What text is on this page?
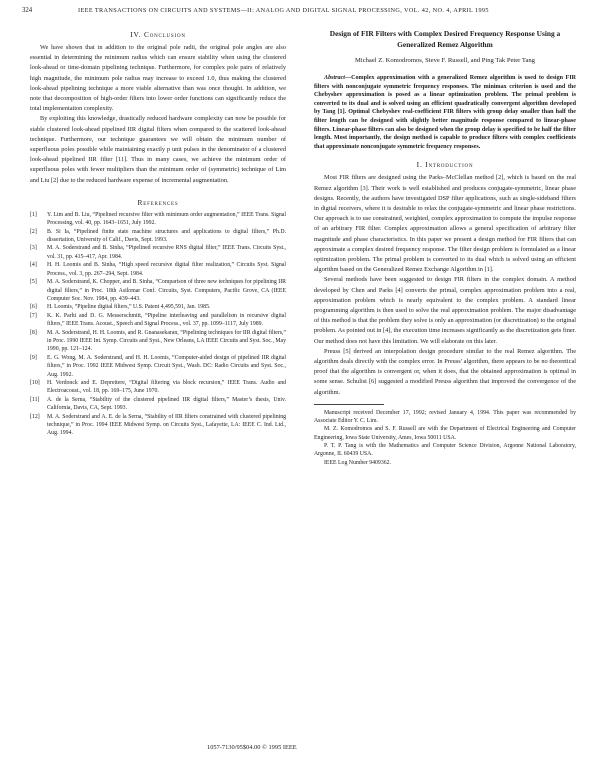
324	IEEE TRANSACTIONS ON CIRCUITS AND SYSTEMS—II: ANALOG AND DIGITAL SIGNAL PROCESSING, VOL. 42, NO. 4, APRIL 1995
IV. Conclusion

We have shown that in addition to the original pole radii, the original pole angles are also essential in determining the minimum radius which can ensure stability when using the clustered look-ahead or time-domain pipelining technique. Furthermore, for complex pole pairs of relatively high magnitude, the minimum pole radius may increase to exceed 1.0, thus making the clustered look-ahead pipelining technique a more viable alternative than was once thought. In addition, we note that decomposition of high-order filters into lower order functions can significantly reduce the total implementation complexity.

By exploiting this knowledge, drastically reduced hardware complexity can now be possible for stable clustered look-ahead pipelined IIR digital filters when compared to the scattered look-ahead technique. Furthermore, our technique guarantees we will obtain the minimum number of superfluous poles possible while maintaining exactly p unit pulses in the denominator of a clustered look-ahead pipelined IIR filter [11]. Thus in many cases, we achieve the minimum order of superfluous poles with fewer multipliers than the minimum order of (symmetric) technique of Lim and Liu [2] due to the reduced hardware expense of incremental augmentation.

References
[1]	Y. Lim and B. Liu, “Pipelined recursive filter with minimum order augmentation,” IEEE Trans. Signal Processing, vol. 40, pp. 1643–1651, July 1992.
[2]	B. Si Ia, “Pipelined finite state machine structures and applications to digital filters,” Ph.D. dissertation, University of Calif., Davis, Sept. 1993.
[3]	M. A. Soderstrand and B. Sinha, “Pipelined recursive RNS digital filter,” IEEE Trans. Circuits Syst., vol. 31, pp. 415–417, Apr. 1984.
[4]	H. H. Loomis and B. Sinha, “High speed recursive digital filter realization,” Circuits Syst. Signal Process., vol. 3, pp. 267–294, Sept. 1984.
[5]	M. A. Soderstrand, K. Chopper, and B. Sinha, “Comparison of three new techniques for pipelining IIR digital filters,” in Proc. 18th Asilomar Conf. Circuits, Syst. Computers, Pacific Grove, CA (IEEE Computer Soc. Nov. 1984, pp. 439–443.
[6]	H. Loomis, “Pipeline digital filters,” U.S. Patent 4,495,591, Jan. 1985.
[7]	K. K. Parhi and D. G. Messerschmitt, “Pipeline interleaving and parallelism in recursive digital filters,” IEEE Trans. Acoust., Speech and Signal Process., vol. 37, pp. 1099–1117, July 1989.
[8]	M. A. Soderstrand, H. H. Loomis, and R. Gnanasekaran, “Pipelining techniques for IIR digital filters,” in Proc. 1990 IEEE Int. Symp. Circuits and Syst., New Orleans, LA IEEE Circuits and Syst. Soc., May 1990, pp. 121–124.
[9]	E. G. Wong, M. A. Soderstrand, and H. H. Loomis, “Computer-aided design of pipelined IIR digital filters,” in Proc. 1992 IEEE Midwest Symp. Circuit Syst., Wash. DC: Radio Circuits and Syst. Soc., Aug. 1992.
[10]	H. Verdonck and E. Deprettere, “Digital filtering via block recursion,” IEEE Trans. Audio and Electroacoust., vol. 18, pp. 169–175, June 1970.
[11]	A. de la Serna, “Stability of the clustered pipelined IIR digital filters,” Master’s thesis, Univ. California, Davis, CA, Sept. 1993.
[12]	M. A. Soderstrand and A. E. de la Serna, “Stability of IIR filters constrained with clustered pipelining technique,” in Proc. 1994 IEEE Midwest Symp. on Circuits Syst., Lafayette, LA: IEEE C. Ind. Ltd., Aug. 1994.
Design of FIR Filters with Complex Desired Frequency Response Using a Generalized Remez Algorithm
Michael Z. Komodromos, Steve F. Russell, and Ping Tak Peter Tang

Abstract—Complex approximation with a generalized Remez algorithm is used to design FIR filters with nonconjugate symmetric frequency responses. The minimax criterion is used and the Chebyshev approximation is posed as a linear optimization problem. The primal problem is converted to its dual and is solved using an efficient quadratically convergent algorithm developed by Tang [1]. Optimal Chebyshev real-coefficient FIR filters with group delay smaller than half the filter length can be designed with slightly better magnitude response compared to linear-phase filters. Linear-phase filters can also be designed when the group delay is specified to be half the filter length. Most importantly, the design method is capable to produce filters with complex coefficients that approximate nonconjugate symmetric frequency responses.

I. Introduction

Most FIR filters are designed using the Parks–McClellan method [2], which is based on the real Remez algorithm [3]. Their work is well established and produces conjugate-symmetric, linear phase designs. Recently, the authors have investigated DSP filter applications, such as single-sideband filters in digital receivers, where it is desirable to relax the conjugate-symmetric and linear phase restrictions. Our approach is to use constrained, weighted, complex approximation to compute the impulse response of an arbitrary FIR filter. Complex approximation allows a general specification of arbitrary filter magnitude and phase characteristics. In this paper we present a design method for FIR filters that can approximate a complex desired frequency response. The filter design problem is formulated as a linear optimization problem. The primal problem is converted to its dual which is solved using an efficient algorithm based on the Generalized Remez Exchange Algorithm in [1].

Several methods have been suggested to design FIR filters in the complex domain. A method developed by Chen and Parks [4] converts the primal, complex approximation problem into a real, approximation problem which is nearly equivalent to the complex problem. A standard linear programming algorithm is then used to solve the real approximation problem. The major disadvantage of this method is that the problem they solve is only an approximation (or discretization) to the original problem. As pointed out in [4], the execution time increases significantly as the discretization gets finer. Our method does not have this limitation. We will elaborate on this later.

Preuss [5] derived an interpolation design procedure similar to the real Remez algorithm. The algorithm deals directly with the complex error. In Preuss' algorithm, there appears to be no theoretical proof that the algorithm is convergent or, when it does, that the obtained approximation is optimal in some sense. Schulist [6] suggested a modified Preuss algorithm that improved the convergence of the algorithm.

Manuscript received December 17, 1992; revised January 4, 1994. This paper was recommended by Associate Editor Y. C. Lim.

M. Z. Komodromos and S. F. Russell are with the Department of Electrical Engineering and Computer Engineering, Iowa State University, Ames, Iowa 50011 USA.

P. T. P. Tang is with the Mathematics and Computer Science Division, Argonne National Laboratory, Argonne, IL 60439 USA.

IEEE Log Number 9409362.

1057-7130/95$04.00 © 1995 IEEE
